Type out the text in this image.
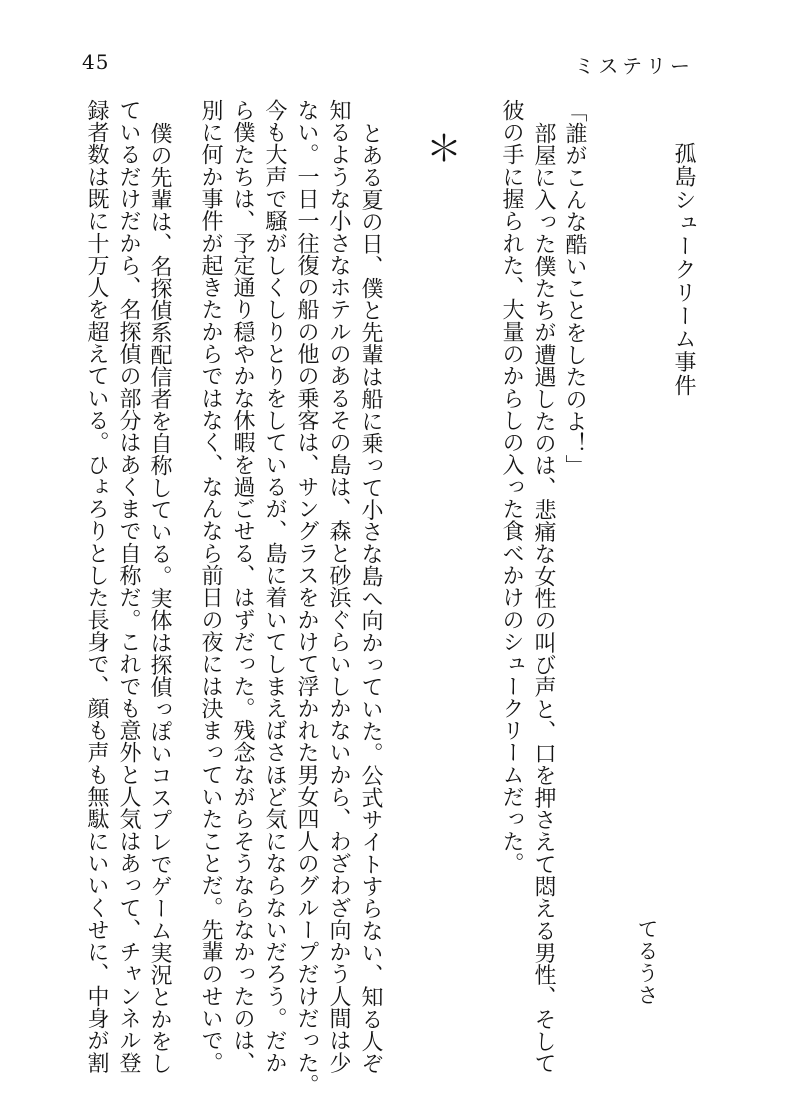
45	ミステリー
孤島シュークリーム事件
てるうさ
「誰がこんな酷いことをしたのよ！」
部屋に入った僕たちが遭遇したのは、悲痛な女性の叫び声と、口を押さえて悶える男性、そして
彼の手に握られた、大量のからしの入った食べかけのシュークリームだった。
＊
とある夏の日、僕と先輩は船に乗って小さな島へ向かっていた。公式サイトすらない、知る人ぞ
知るような小さなホテルのあるその島は、森と砂浜ぐらいしかないから、わざわざ向かう人間は少
ない。一日一往復の船の他の乗客は、サングラスをかけて浮かれた男女四人のグループだけだった。
今も大声で騒がしくしりとりをしているが、島に着いてしまえばさほど気にならないだろう。だか
ら僕たちは、予定通り穏やかな休暇を過ごせる、はずだった。残念ながらそうならなかったのは、
別に何か事件が起きたからではなく、なんなら前日の夜には決まっていたことだ。先輩のせいで。
僕の先輩は、名探偵系配信者を自称している。実体は探偵っぽいコスプレでゲーム実況とかをし
ているだけだから、名探偵の部分はあくまで自称だ。これでも意外と人気はあって、チャンネル登
録者数は既に十万人を超えている。ひょろりとした長身で、顔も声も無駄にいいくせに、中身が割
